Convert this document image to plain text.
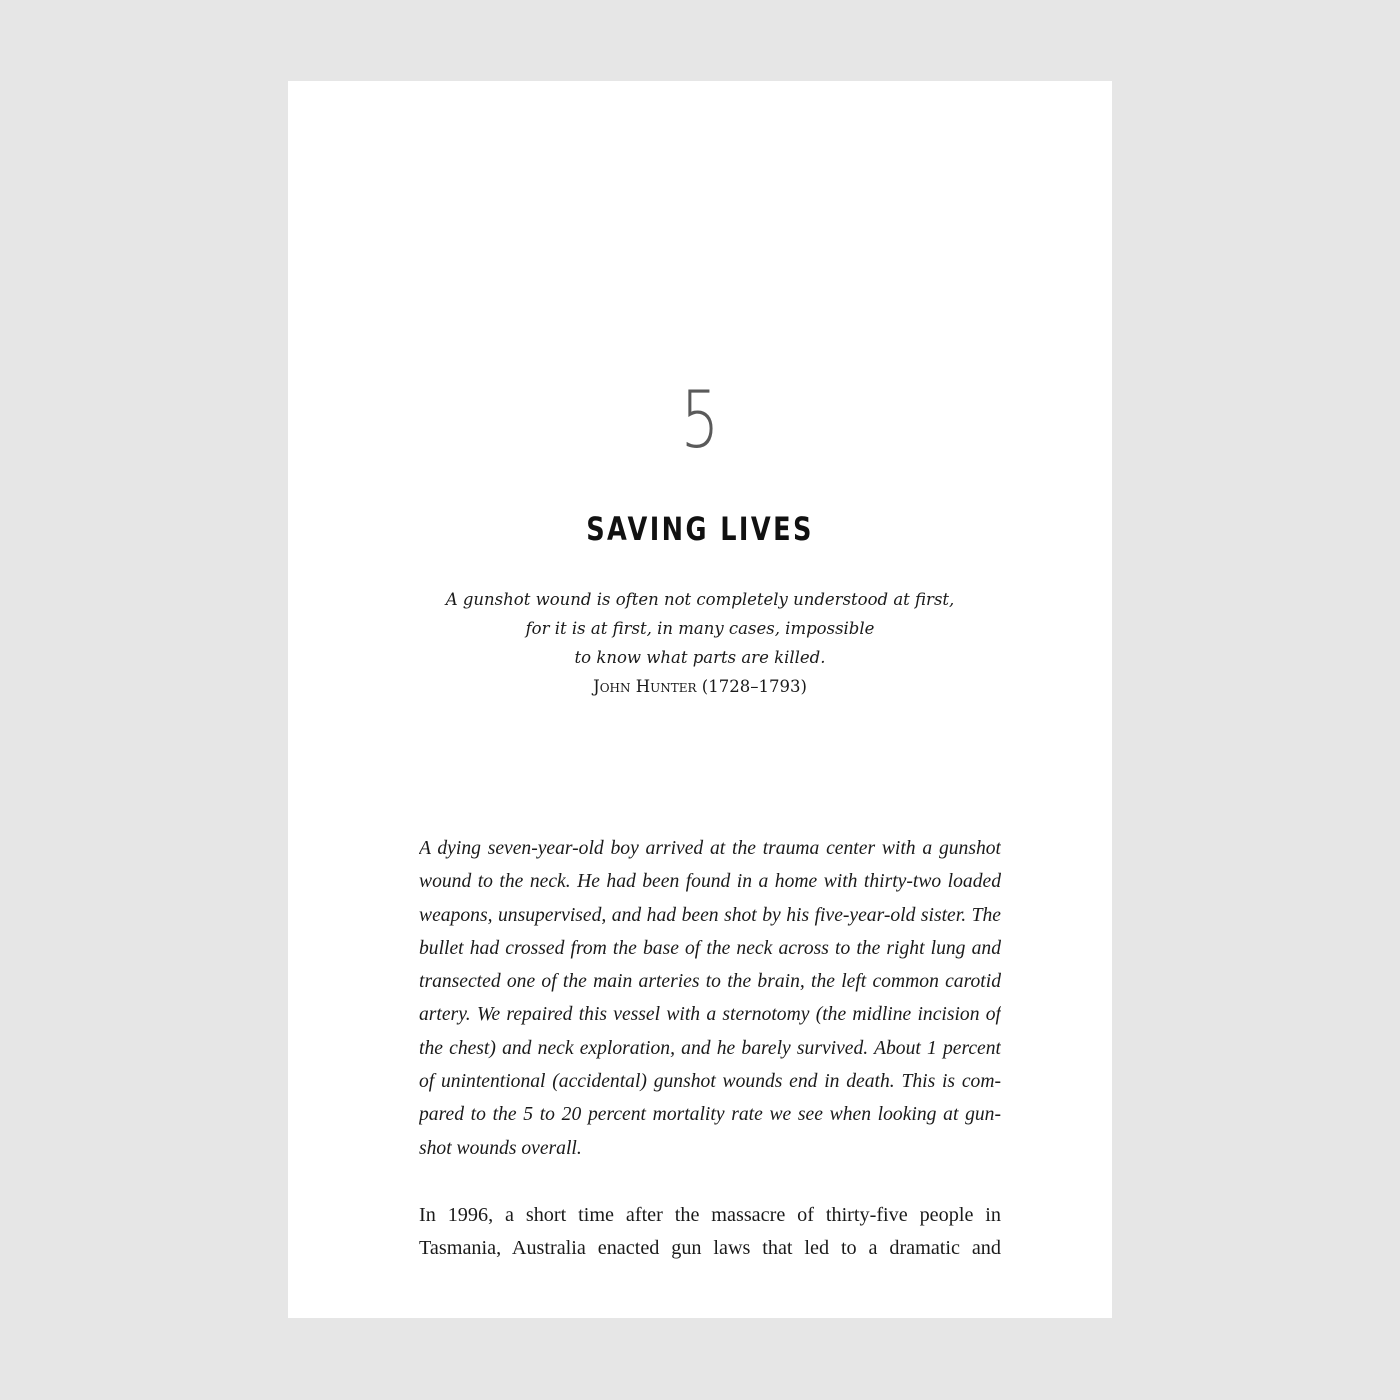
5
SAVING LIVES
A gunshot wound is often not completely understood at first,
for it is at first, in many cases, impossible
to know what parts are killed.
John Hunter (1728–1793)
A dying seven-year-old boy arrived at the trauma center with a gunshot
wound to the neck. He had been found in a home with thirty-two loaded
weapons, unsupervised, and had been shot by his five-year-old sister. The
bullet had crossed from the base of the neck across to the right lung and
transected one of the main arteries to the brain, the left common carotid
artery. We repaired this vessel with a sternotomy (the midline incision of
the chest) and neck exploration, and he barely survived. About 1 percent
of unintentional (accidental) gunshot wounds end in death. This is com-
pared to the 5 to 20 percent mortality rate we see when looking at gun-
shot wounds overall.
In 1996, a short time after the massacre of thirty-five people in
Tasmania, Australia enacted gun laws that led to a dramatic and
